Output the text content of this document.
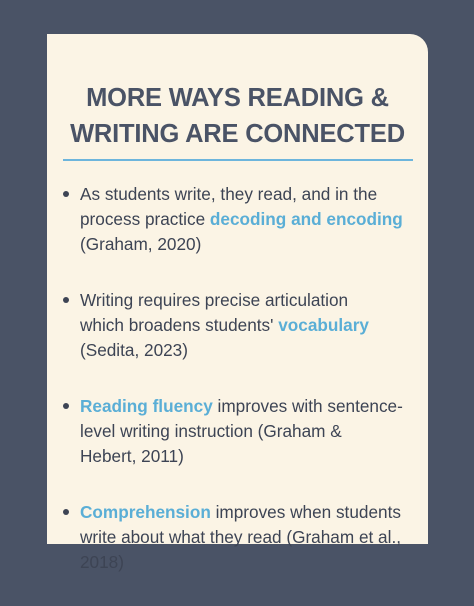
MORE WAYS READING &
WRITING ARE CONNECTED
As students write, they read, and in the
process practice decoding and encoding
(Graham, 2020)
Writing requires precise articulation
which broadens students' vocabulary
(Sedita, 2023)
Reading fluency improves with sentence-
level writing instruction (Graham &
Hebert, 2011)
Comprehension improves when students
write about what they read (Graham et al.,
2018)
